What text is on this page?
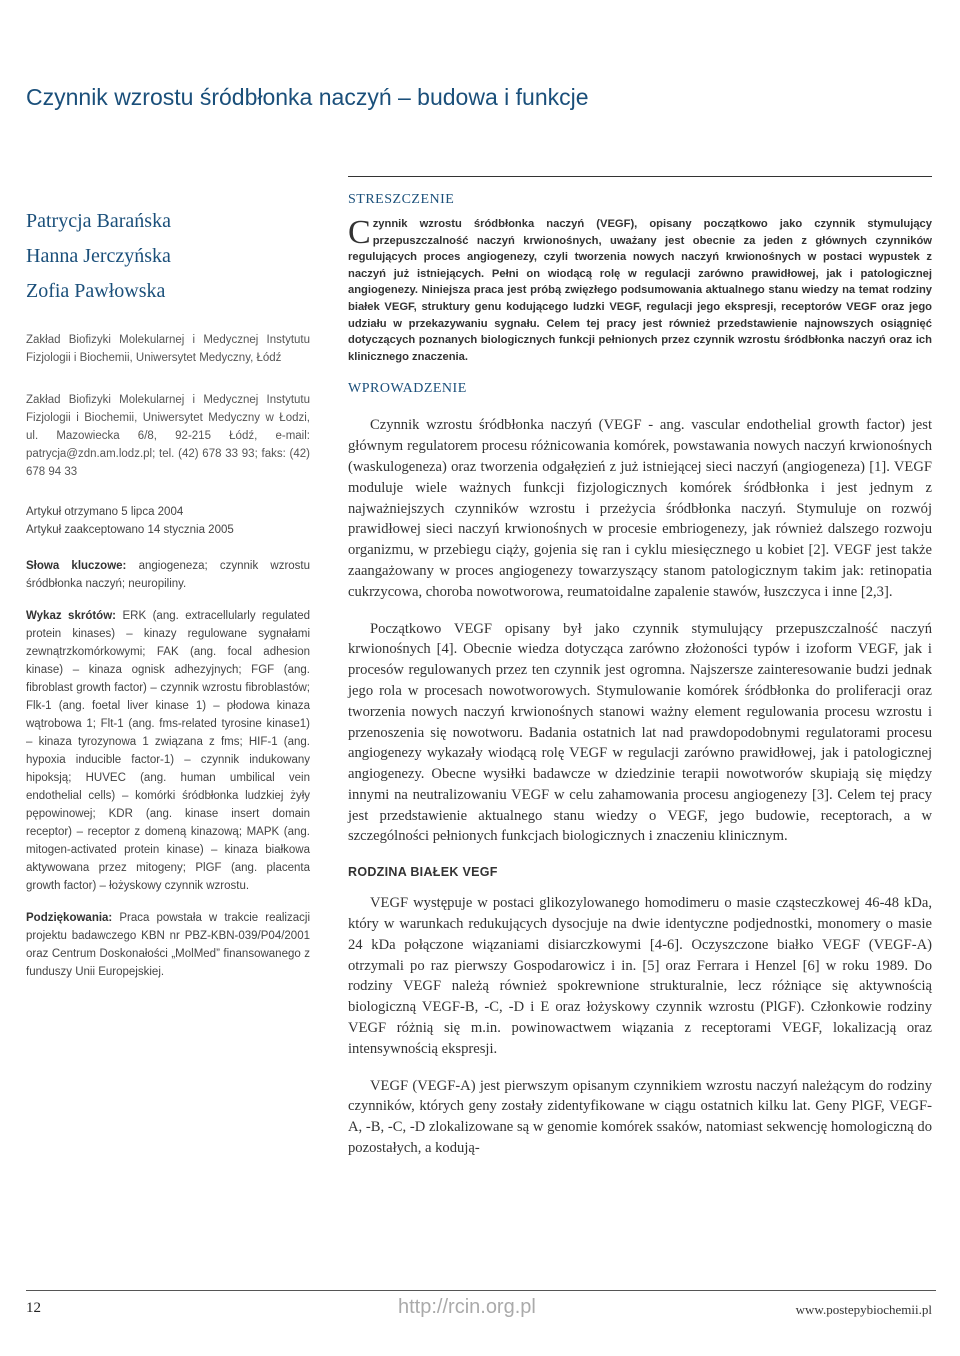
Czynnik wzrostu śródbłonka naczyń – budowa i funkcje
Patrycja Barańska
Hanna Jerczyńska
Zofia Pawłowska
Zakład Biofizyki Molekularnej i Medycznej Instytutu Fizjologii i Biochemii, Uniwersytet Medyczny, Łódź
Zakład Biofizyki Molekularnej i Medycznej Instytutu Fizjologii i Biochemii, Uniwersytet Medyczny w Łodzi, ul. Mazowiecka 6/8, 92-215 Łódź, e-mail: patrycja@zdn.am.lodz.pl; tel. (42) 678 33 93; faks: (42) 678 94 33

Artykuł otrzymano 5 lipca 2004
Artykuł zaakceptowano 14 stycznia 2005

Słowa kluczowe: angiogeneza; czynnik wzrostu śródbłonka naczyń; neuropiliny.

Wykaz skrótów: ERK (ang. extracellularly regulated protein kinases) – kinazy regulowane sygnałami zewnątrzkomórkowymi; FAK (ang. focal adhesion kinase) – kinaza ognisk adhezyjnych; FGF (ang. fibroblast growth factor) – czynnik wzrostu fibroblastów; Flk-1 (ang. foetal liver kinase 1) – płodowa kinaza wątrobowa 1; Flt-1 (ang. fms-related tyrosine kinase1) – kinaza tyrozynowa 1 związana z fms; HIF-1 (ang. hypoxia inducible factor-1) – czynnik indukowany hipoksją; HUVEC (ang. human umbilical vein endothelial cells) – komórki śródbłonka ludzkiej żyły pępowinowej; KDR (ang. kinase insert domain receptor) – receptor z domeną kinazową; MAPK (ang. mitogen-activated protein kinase) – kinaza białkowa aktywowana przez mitogeny; PlGF (ang. placenta growth factor) – łożyskowy czynnik wzrostu.

Podziękowania: Praca powstała w trakcie realizacji projektu badawczego KBN nr PBZ-KBN-039/P04/2001 oraz Centrum Doskonałości „MolMed” finansowanego z funduszy Unii Europejskiej.

STRESZCZENIE
Czynnik wzrostu śródbłonka naczyń (VEGF), opisany początkowo jako czynnik stymulujący przepuszczalność naczyń krwionośnych, uważany jest obecnie za jeden z głównych czynników regulujących proces angiogenezy, czyli tworzenia nowych naczyń krwionośnych w postaci wypustek z naczyń już istniejących. Pełni on wiodącą rolę w regulacji zarówno prawidłowej, jak i patologicznej angiogenezy. Niniejsza praca jest próbą zwięzłego podsumowania aktualnego stanu wiedzy na temat rodziny białek VEGF, struktury genu kodującego ludzki VEGF, regulacji jego ekspresji, receptorów VEGF oraz jego udziału w przekazywaniu sygnału. Celem tej pracy jest również przedstawienie najnowszych osiągnięć dotyczących poznanych biologicznych funkcji pełnionych przez czynnik wzrostu śródbłonka naczyń oraz ich klinicznego znaczenia.
WPROWADZENIE

Czynnik wzrostu śródbłonka naczyń (VEGF - ang. vascular endothelial growth factor) jest głównym regulatorem procesu różnicowania komórek, powstawania nowych naczyń krwionośnych (waskulogeneza) oraz tworzenia odgałęzień z już istniejącej sieci naczyń (angiogeneza) [1]. VEGF moduluje wiele ważnych funkcji fizjologicznych komórek śródbłonka i jest jednym z najważniejszych czynników wzrostu i przeżycia śródbłonka naczyń. Stymuluje on rozwój prawidłowej sieci naczyń krwionośnych w procesie embriogenezy, jak również dalszego rozwoju organizmu, w przebiegu ciąży, gojenia się ran i cyklu miesięcznego u kobiet [2]. VEGF jest także zaangażowany w proces angiogenezy towarzyszący stanom patologicznym takim jak: retinopatia cukrzycowa, choroba nowotworowa, reumatoidalne zapalenie stawów, łuszczyca i inne [2,3].

Początkowo VEGF opisany był jako czynnik stymulujący przepuszczalność naczyń krwionośnych [4]. Obecnie wiedza dotycząca zarówno złożoności typów i izoform VEGF, jak i procesów regulowanych przez ten czynnik jest ogromna. Najszersze zainteresowanie budzi jednak jego rola w procesach nowotworowych. Stymulowanie komórek śródbłonka do proliferacji oraz tworzenia nowych naczyń krwionośnych stanowi ważny element regulowania procesu wzrostu i przenoszenia się nowotworu. Badania ostatnich lat nad prawdopodobnymi regulatorami procesu angiogenezy wykazały wiodącą rolę VEGF w regulacji zarówno prawidłowej, jak i patologicznej angiogenezy. Obecne wysiłki badawcze w dziedzinie terapii nowotworów skupiają się między innymi na neutralizowaniu VEGF w celu zahamowania procesu angiogenezy [3]. Celem tej pracy jest przedstawienie aktualnego stanu wiedzy o VEGF, jego budowie, receptorach, a w szczególności pełnionych funkcjach biologicznych i znaczeniu klinicznym.

RODZINA BIAŁEK VEGF

VEGF występuje w postaci glikozylowanego homodimeru o masie cząsteczkowej 46-48 kDa, który w warunkach redukujących dysocjuje na dwie identyczne podjednostki, monomery o masie 24 kDa połączone wiązaniami disiarczkowymi [4-6]. Oczyszczone białko VEGF (VEGF-A) otrzymali po raz pierwszy Gospodarowicz i in. [5] oraz Ferrara i Henzel [6] w roku 1989. Do rodziny VEGF należą również spokrewnione strukturalnie, lecz różniące się aktywnością biologiczną VEGF-B, -C, -D i E oraz łożyskowy czynnik wzrostu (PlGF). Członkowie rodziny VEGF różnią się m.in. powinowactwem wiązania z receptorami VEGF, lokalizacją oraz intensywnością ekspresji.

VEGF (VEGF-A) jest pierwszym opisanym czynnikiem wzrostu naczyń należącym do rodziny czynników, których geny zostały zidentyfikowane w ciągu ostatnich kilku lat. Geny PlGF, VEGF-A, -B, -C, -D zlokalizowane są w genomie komórek ssaków, natomiast sekwencję homologiczną do pozostałych, a kodują-

12	http://rcin.org.pl	www.postepybiochemii.pl
